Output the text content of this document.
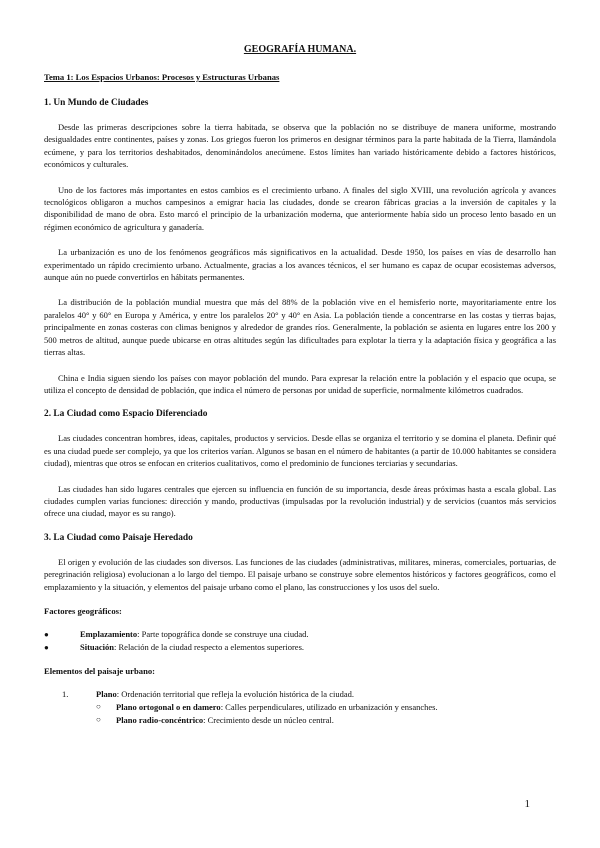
GEOGRAFÍA HUMANA.
Tema 1: Los Espacios Urbanos: Procesos y Estructuras Urbanas
1. Un Mundo de Ciudades

Desde las primeras descripciones sobre la tierra habitada, se observa que la población no se distribuye de manera uniforme, mostrando desigualdades entre continentes, países y zonas. Los griegos fueron los primeros en designar términos para la parte habitada de la Tierra, llamándola ecúmene, y para los territorios deshabitados, denominándolos anecúmene. Estos límites han variado históricamente debido a factores históricos, económicos y culturales.

Uno de los factores más importantes en estos cambios es el crecimiento urbano. A finales del siglo XVIII, una revolución agrícola y avances tecnológicos obligaron a muchos campesinos a emigrar hacia las ciudades, donde se crearon fábricas gracias a la inversión de capitales y la disponibilidad de mano de obra. Esto marcó el principio de la urbanización moderna, que anteriormente había sido un proceso lento basado en un régimen económico de agricultura y ganadería.

La urbanización es uno de los fenómenos geográficos más significativos en la actualidad. Desde 1950, los países en vías de desarrollo han experimentado un rápido crecimiento urbano. Actualmente, gracias a los avances técnicos, el ser humano es capaz de ocupar ecosistemas adversos, aunque aún no puede convertirlos en hábitats permanentes.

La distribución de la población mundial muestra que más del 88% de la población vive en el hemisferio norte, mayoritariamente entre los paralelos 40° y 60° en Europa y América, y entre los paralelos 20° y 40° en Asia. La población tiende a concentrarse en las costas y tierras bajas, principalmente en zonas costeras con climas benignos y alrededor de grandes ríos. Generalmente, la población se asienta en lugares entre los 200 y 500 metros de altitud, aunque puede ubicarse en otras altitudes según las dificultades para explotar la tierra y la adaptación física y geográfica a las tierras altas.

China e India siguen siendo los países con mayor población del mundo. Para expresar la relación entre la población y el espacio que ocupa, se utiliza el concepto de densidad de población, que indica el número de personas por unidad de superficie, normalmente kilómetros cuadrados.

2. La Ciudad como Espacio Diferenciado

Las ciudades concentran hombres, ideas, capitales, productos y servicios. Desde ellas se organiza el territorio y se domina el planeta. Definir qué es una ciudad puede ser complejo, ya que los criterios varían. Algunos se basan en el número de habitantes (a partir de 10.000 habitantes se considera ciudad), mientras que otros se enfocan en criterios cualitativos, como el predominio de funciones terciarias y secundarias.

Las ciudades han sido lugares centrales que ejercen su influencia en función de su importancia, desde áreas próximas hasta a escala global. Las ciudades cumplen varias funciones: dirección y mando, productivas (impulsadas por la revolución industrial) y de servicios (cuantos más servicios ofrece una ciudad, mayor es su rango).

3. La Ciudad como Paisaje Heredado

El origen y evolución de las ciudades son diversos. Las funciones de las ciudades (administrativas, militares, mineras, comerciales, portuarias, de peregrinación religiosa) evolucionan a lo largo del tiempo. El paisaje urbano se construye sobre elementos históricos y factores geográficos, como el emplazamiento y la situación, y elementos del paisaje urbano como el plano, las construcciones y los usos del suelo.

Factores geográficos:
●	Emplazamiento: Parte topográfica donde se construye una ciudad.
●	Situación: Relación de la ciudad respecto a elementos superiores.
Elementos del paisaje urbano:
1.	Plano: Ordenación territorial que refleja la evolución histórica de la ciudad.
○ Plano ortogonal o en damero: Calles perpendiculares, utilizado en urbanización y ensanches.
○ Plano radio-concéntrico: Crecimiento desde un núcleo central.
1
